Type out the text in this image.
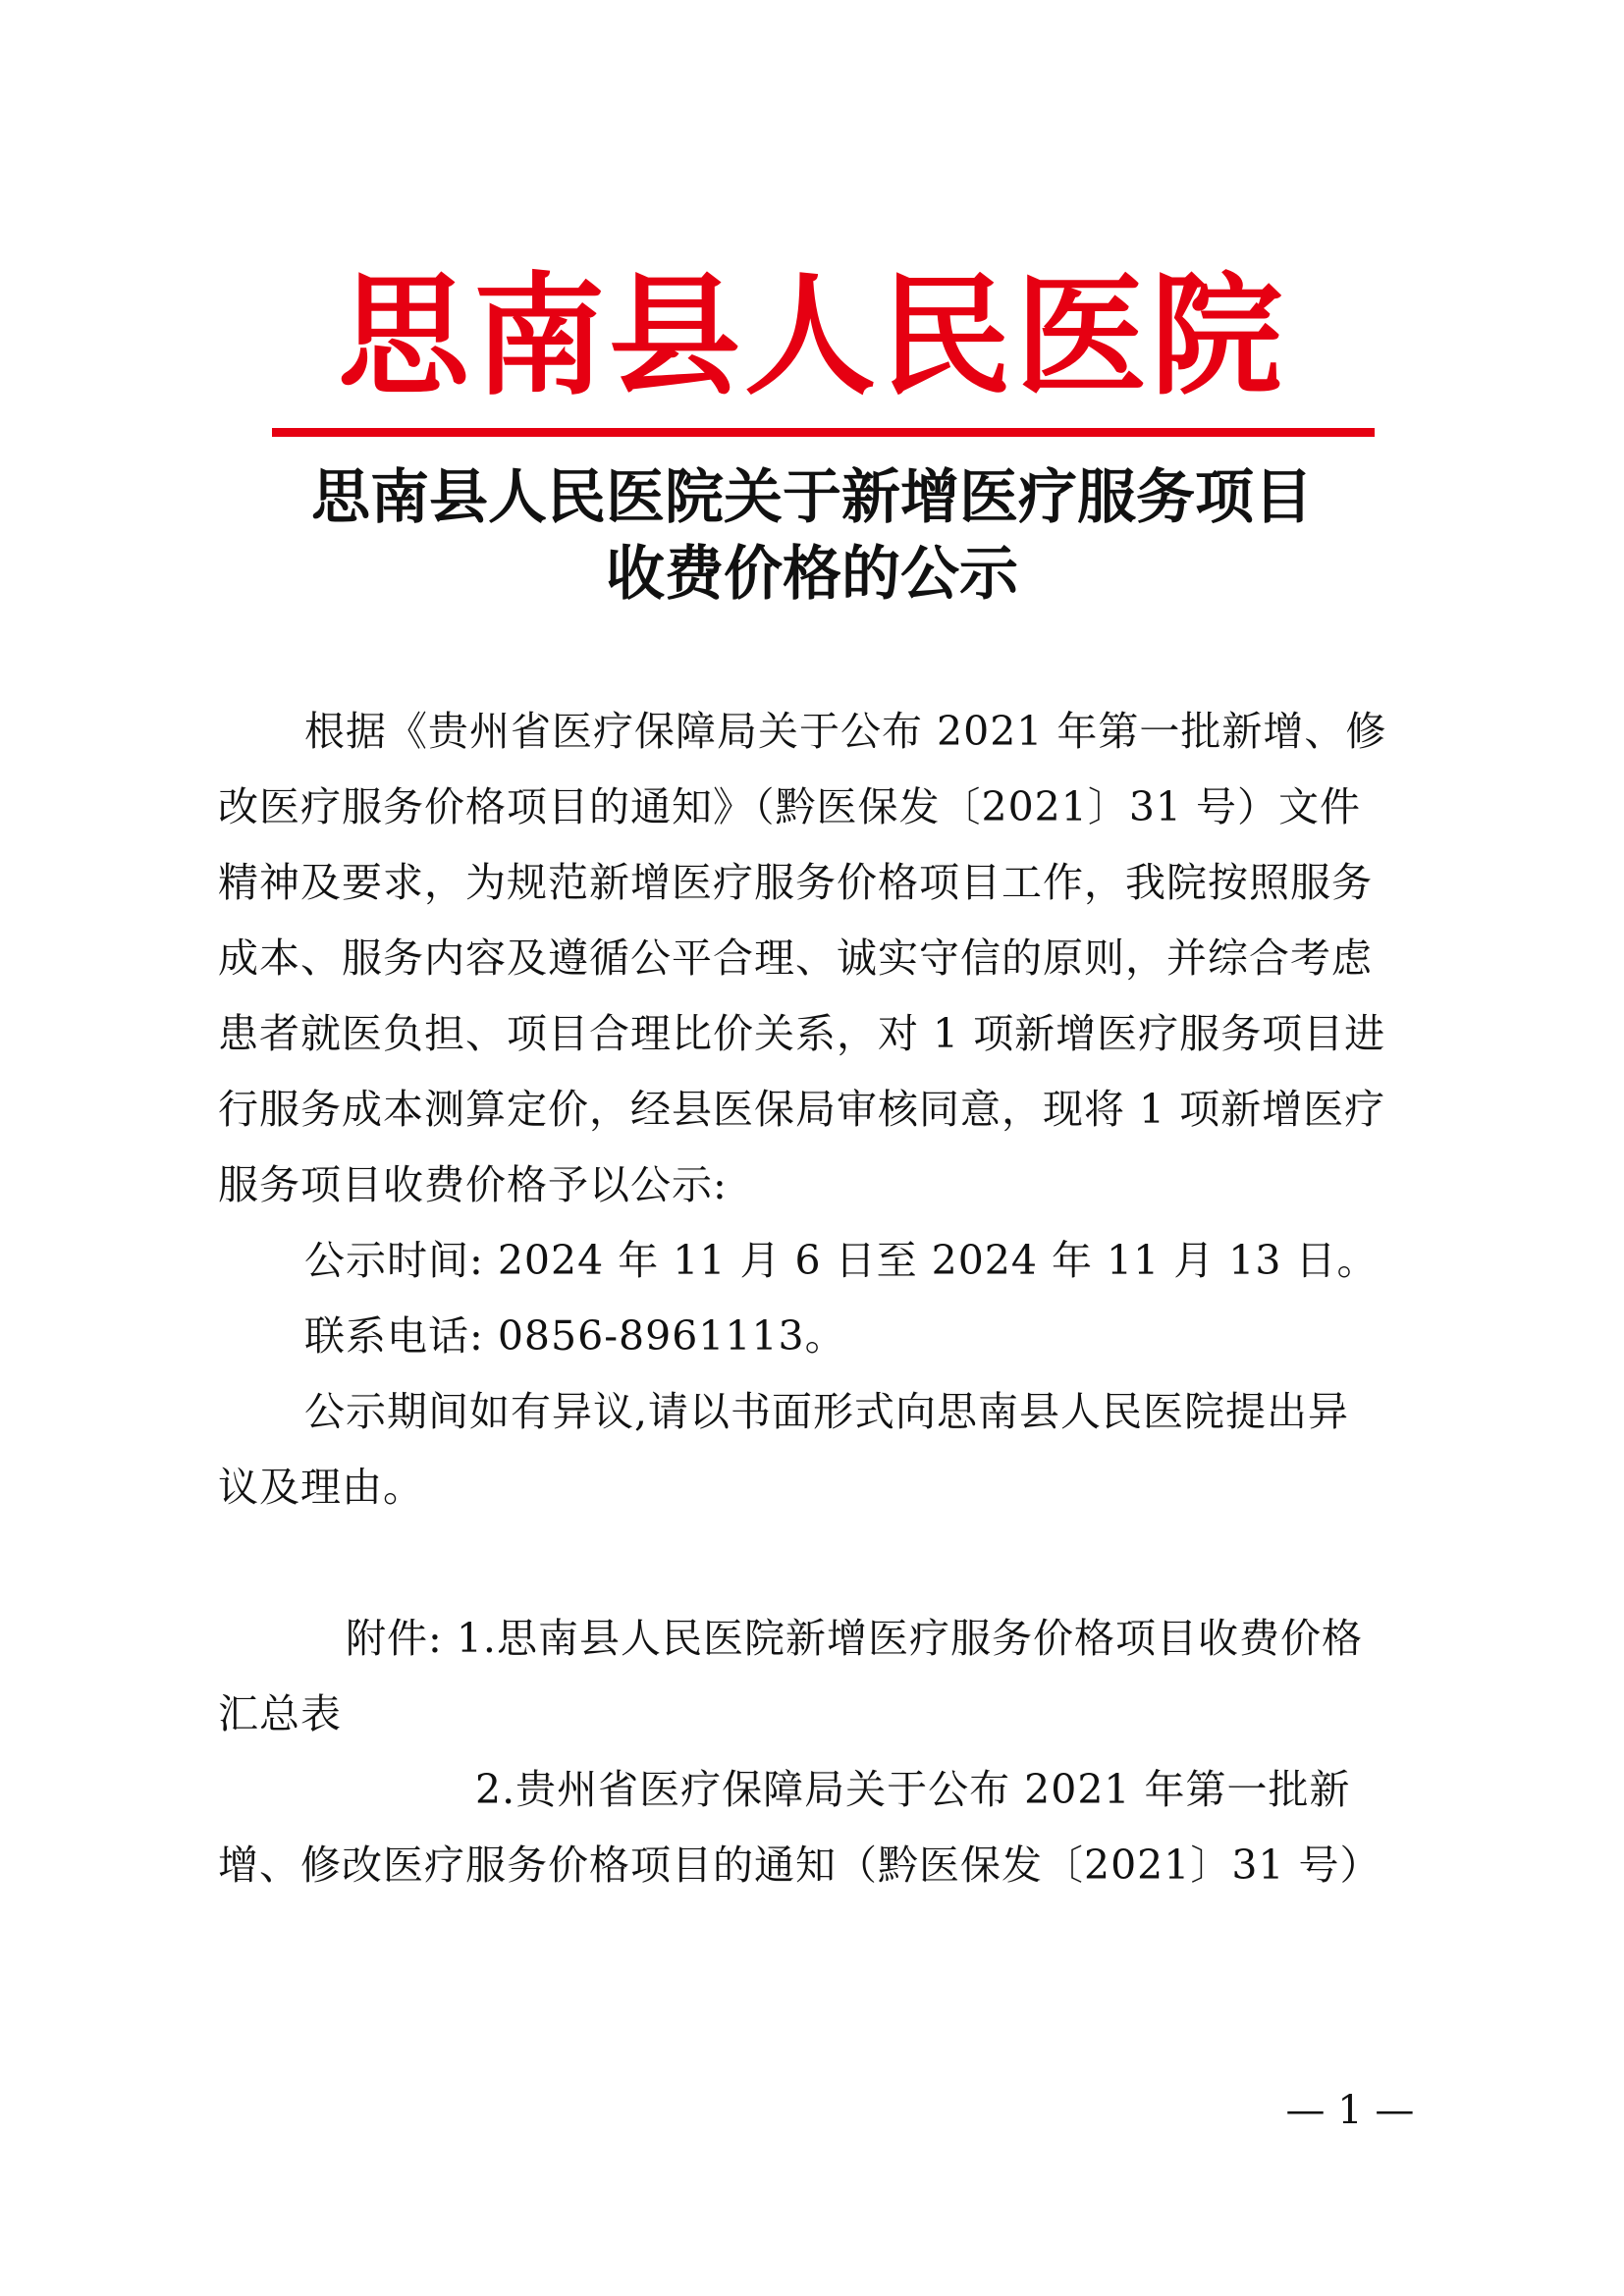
思南县人民医院
思南县人民医院关于新增医疗服务项目
收费价格的公示
根据《贵州省医疗保障局关于公布 2021 年第一批新增、修
改医疗服务价格项目的通知》（黔医保发〔2021〕31 号）文件
精神及要求，为规范新增医疗服务价格项目工作，我院按照服务
成本、服务内容及遵循公平合理、诚实守信的原则，并综合考虑
患者就医负担、项目合理比价关系，对 1 项新增医疗服务项目进
行服务成本测算定价，经县医保局审核同意，现将 1 项新增医疗
服务项目收费价格予以公示:
公示时间: 2024 年 11 月 6 日至 2024 年 11 月 13 日。
联系电话: 0856-8961113。
公示期间如有异议,请以书面形式向思南县人民医院提出异
议及理由。
附件: 1.思南县人民医院新增医疗服务价格项目收费价格
汇总表
2.贵州省医疗保障局关于公布 2021 年第一批新
增、修改医疗服务价格项目的通知（黔医保发〔2021〕31 号）
— 1 —
